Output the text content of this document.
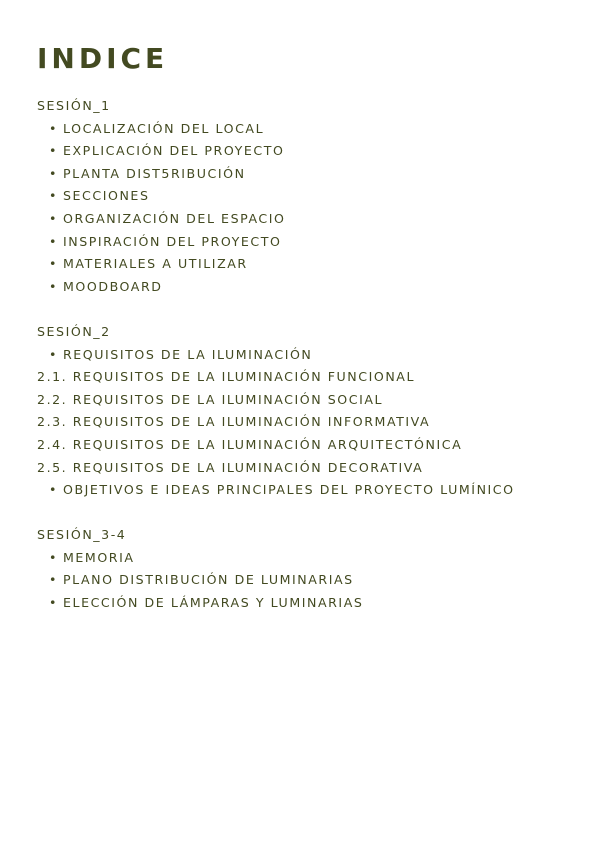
INDICE
SESIÓN_1
• LOCALIZACIÓN DEL LOCAL
• EXPLICACIÓN DEL PROYECTO
• PLANTA DIST5RIBUCIÓN
• SECCIONES
• ORGANIZACIÓN DEL ESPACIO
• INSPIRACIÓN DEL PROYECTO
• MATERIALES A UTILIZAR
• MOODBOARD
SESIÓN_2
• REQUISITOS DE LA ILUMINACIÓN
2.1. REQUISITOS DE LA ILUMINACIÓN FUNCIONAL
2.2. REQUISITOS DE LA ILUMINACIÓN SOCIAL
2.3. REQUISITOS DE LA ILUMINACIÓN INFORMATIVA
2.4. REQUISITOS DE LA ILUMINACIÓN ARQUITECTÓNICA
2.5. REQUISITOS DE LA ILUMINACIÓN DECORATIVA
• OBJETIVOS E IDEAS PRINCIPALES DEL PROYECTO LUMÍNICO
SESIÓN_3-4
• MEMORIA
• PLANO DISTRIBUCIÓN DE LUMINARIAS
• ELECCIÓN DE LÁMPARAS Y LUMINARIAS
